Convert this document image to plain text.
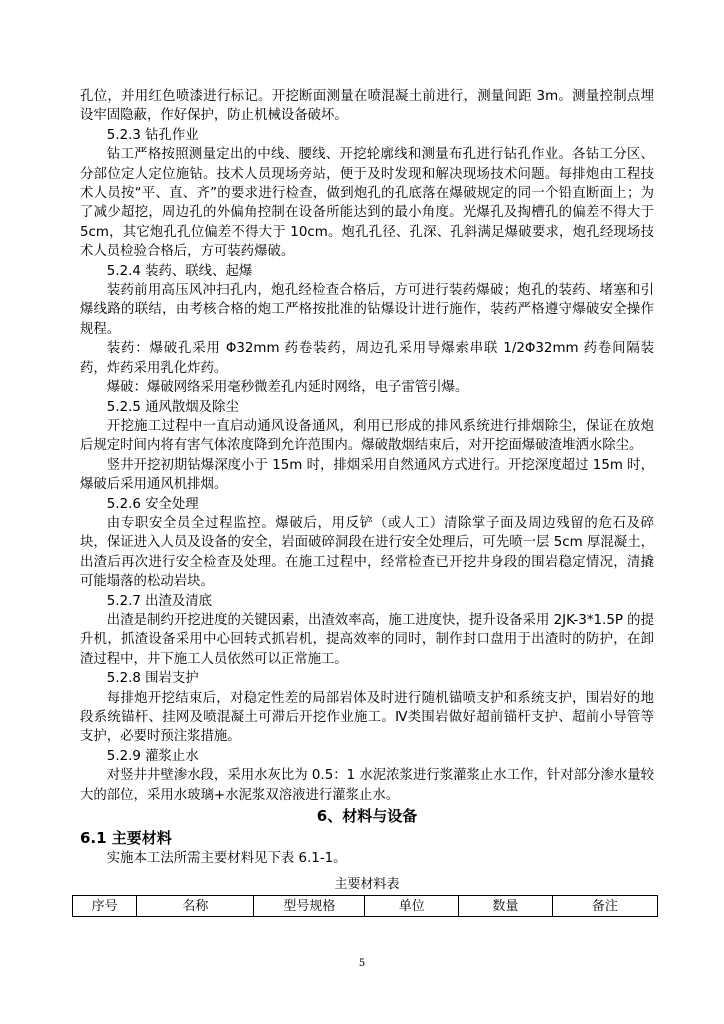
孔位，并用红色喷漆进行标记。开挖断面测量在喷混凝土前进行，测量间距 3m。测量控制点埋设牢固隐蔽，作好保护，防止机械设备破坏。

5.2.3 钻孔作业

钻工严格按照测量定出的中线、腰线、开挖轮廓线和测量布孔进行钻孔作业。各钻工分区、分部位定人定位施钻。技术人员现场旁站，便于及时发现和解决现场技术问题。每排炮由工程技术人员按“平、直、齐”的要求进行检查，做到炮孔的孔底落在爆破规定的同一个铅直断面上；为了减少超挖，周边孔的外偏角控制在设备所能达到的最小角度。光爆孔及掏槽孔的偏差不得大于 5cm，其它炮孔孔位偏差不得大于 10cm。炮孔孔径、孔深、孔斜满足爆破要求，炮孔经现场技术人员检验合格后，方可装药爆破。

5.2.4 装药、联线、起爆

装药前用高压风冲扫孔内，炮孔经检查合格后，方可进行装药爆破；炮孔的装药、堵塞和引爆线路的联结，由考核合格的炮工严格按批准的钻爆设计进行施作，装药严格遵守爆破安全操作规程。

装药：爆破孔采用 Φ32mm 药卷装药，周边孔采用导爆索串联 1/2Φ32mm 药卷间隔装药，炸药采用乳化炸药。

爆破：爆破网络采用毫秒微差孔内延时网络，电子雷管引爆。

5.2.5 通风散烟及除尘

开挖施工过程中一直启动通风设备通风，利用已形成的排风系统进行排烟除尘，保证在放炮后规定时间内将有害气体浓度降到允许范围内。爆破散烟结束后，对开挖面爆破渣堆洒水除尘。

竖井开挖初期钻爆深度小于 15m 时，排烟采用自然通风方式进行。开挖深度超过 15m 时，爆破后采用通风机排烟。

5.2.6 安全处理

由专职安全员全过程监控。爆破后，用反铲（或人工）清除掌子面及周边残留的危石及碎块，保证进入人员及设备的安全，岩面破碎洞段在进行安全处理后，可先喷一层 5cm 厚混凝土，出渣后再次进行安全检查及处理。在施工过程中，经常检查已开挖井身段的围岩稳定情况，清撬可能塌落的松动岩块。

5.2.7 出渣及清底

出渣是制约开挖进度的关键因素，出渣效率高，施工进度快，提升设备采用 2JK-3*1.5P 的提升机，抓渣设备采用中心回转式抓岩机，提高效率的同时，制作封口盘用于出渣时的防护，在卸渣过程中，井下施工人员依然可以正常施工。

5.2.8 围岩支护

每排炮开挖结束后，对稳定性差的局部岩体及时进行随机锚喷支护和系统支护，围岩好的地段系统锚杆、挂网及喷混凝土可滞后开挖作业施工。Ⅳ类围岩做好超前锚杆支护、超前小导管等支护，必要时预注浆措施。

5.2.9 灌浆止水

对竖井井壁渗水段，采用水灰比为 0.5：1 水泥浓浆进行浆灌浆止水工作，针对部分渗水量较大的部位，采用水玻璃+水泥浆双溶液进行灌浆止水。

6、材料与设备

6.1 主要材料

实施本工法所需主要材料见下表 6.1-1。

主要材料表

序号	名称	型号规格	单位	数量	备注
5
